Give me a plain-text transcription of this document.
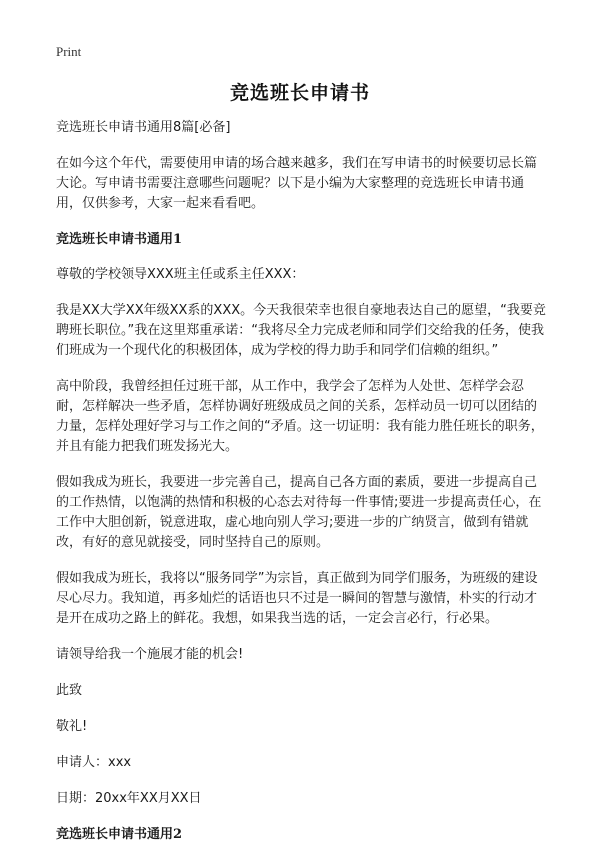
Print
竞选班长申请书

竞选班长申请书通用8篇[必备]

在如今这个年代，需要使用申请的场合越来越多，我们在写申请书的时候要切忌长篇大论。写申请书需要注意哪些问题呢？以下是小编为大家整理的竞选班长申请书通用，仅供参考，大家一起来看看吧。

竞选班长申请书通用1

尊敬的学校领导XXX班主任或系主任XXX：

我是XX大学XX年级XX系的XXX。今天我很荣幸也很自豪地表达自己的愿望，“我要竞聘班长职位。”我在这里郑重承诺：“我将尽全力完成老师和同学们交给我的任务，使我们班成为一个现代化的积极团体，成为学校的得力助手和同学们信赖的组织。”

高中阶段，我曾经担任过班干部，从工作中，我学会了怎样为人处世、怎样学会忍耐，怎样解决一些矛盾，怎样协调好班级成员之间的关系，怎样动员一切可以团结的力量，怎样处理好学习与工作之间的“矛盾。这一切证明：我有能力胜任班长的职务，并且有能力把我们班发扬光大。

假如我成为班长，我要进一步完善自己，提高自己各方面的素质，要进一步提高自己的工作热情，以饱满的热情和积极的心态去对待每一件事情;要进一步提高责任心，在工作中大胆创新，锐意进取，虚心地向别人学习;要进一步的广纳贤言，做到有错就改，有好的意见就接受，同时坚持自己的原则。

假如我成为班长，我将以“服务同学”为宗旨，真正做到为同学们服务，为班级的建设尽心尽力。我知道，再多灿烂的话语也只不过是一瞬间的智慧与激情，朴实的行动才是开在成功之路上的鲜花。我想，如果我当选的话，一定会言必行，行必果。

请领导给我一个施展才能的机会!

此致

敬礼!

申请人：xxx

日期：20xx年XX月XX日

竞选班长申请书通用2
